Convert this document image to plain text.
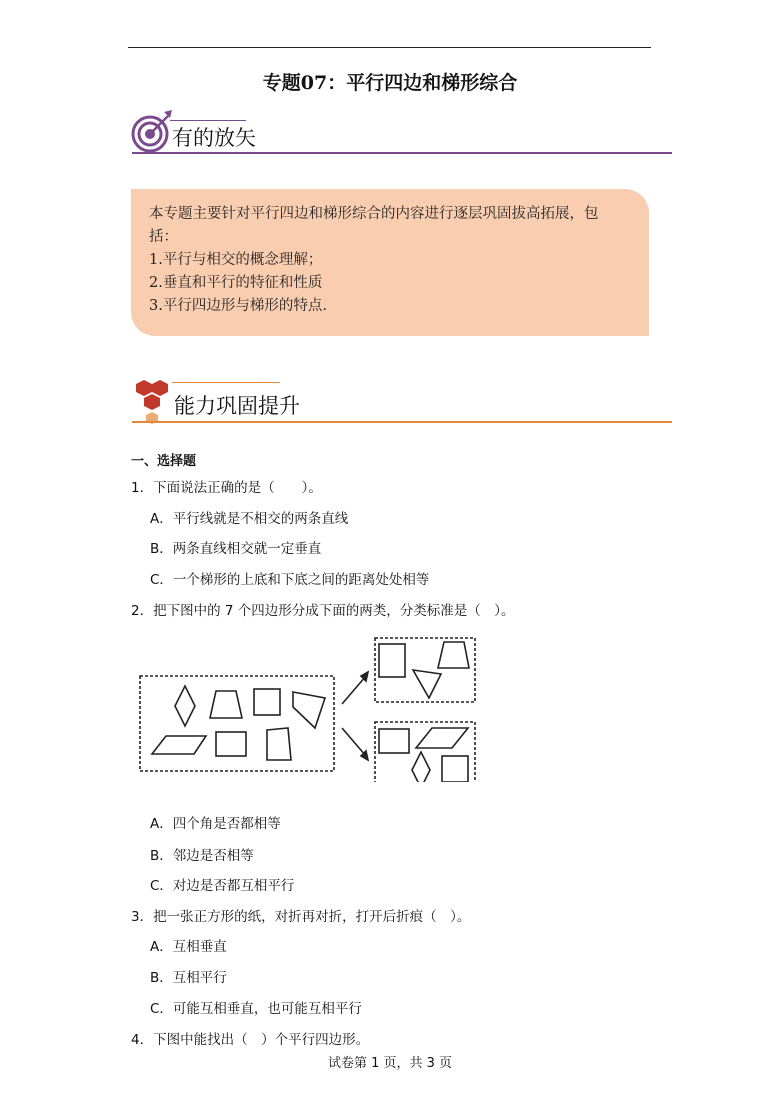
专题07：平行四边和梯形综合
有的放矢

本专题主要针对平行四边和梯形综合的内容进行逐层巩固拔高拓展，包

括：

1.平行与相交的概念理解；

2.垂直和平行的特征和性质

3.平行四边形与梯形的特点.

能力巩固提升
一、选择题
1．下面说法正确的是（　　）。
A．平行线就是不相交的两条直线
B．两条直线相交就一定垂直
C．一个梯形的上底和下底之间的距离处处相等
2．把下图中的 7 个四边形分成下面的两类，分类标准是（　）。
A．四个角是否都相等
B．邻边是否相等
C．对边是否都互相平行
3．把一张正方形的纸，对折再对折，打开后折痕（　）。
A．互相垂直
B．互相平行
C．可能互相垂直，也可能互相平行
4．下图中能找出（　）个平行四边形。
试卷第 1 页，共 3 页
